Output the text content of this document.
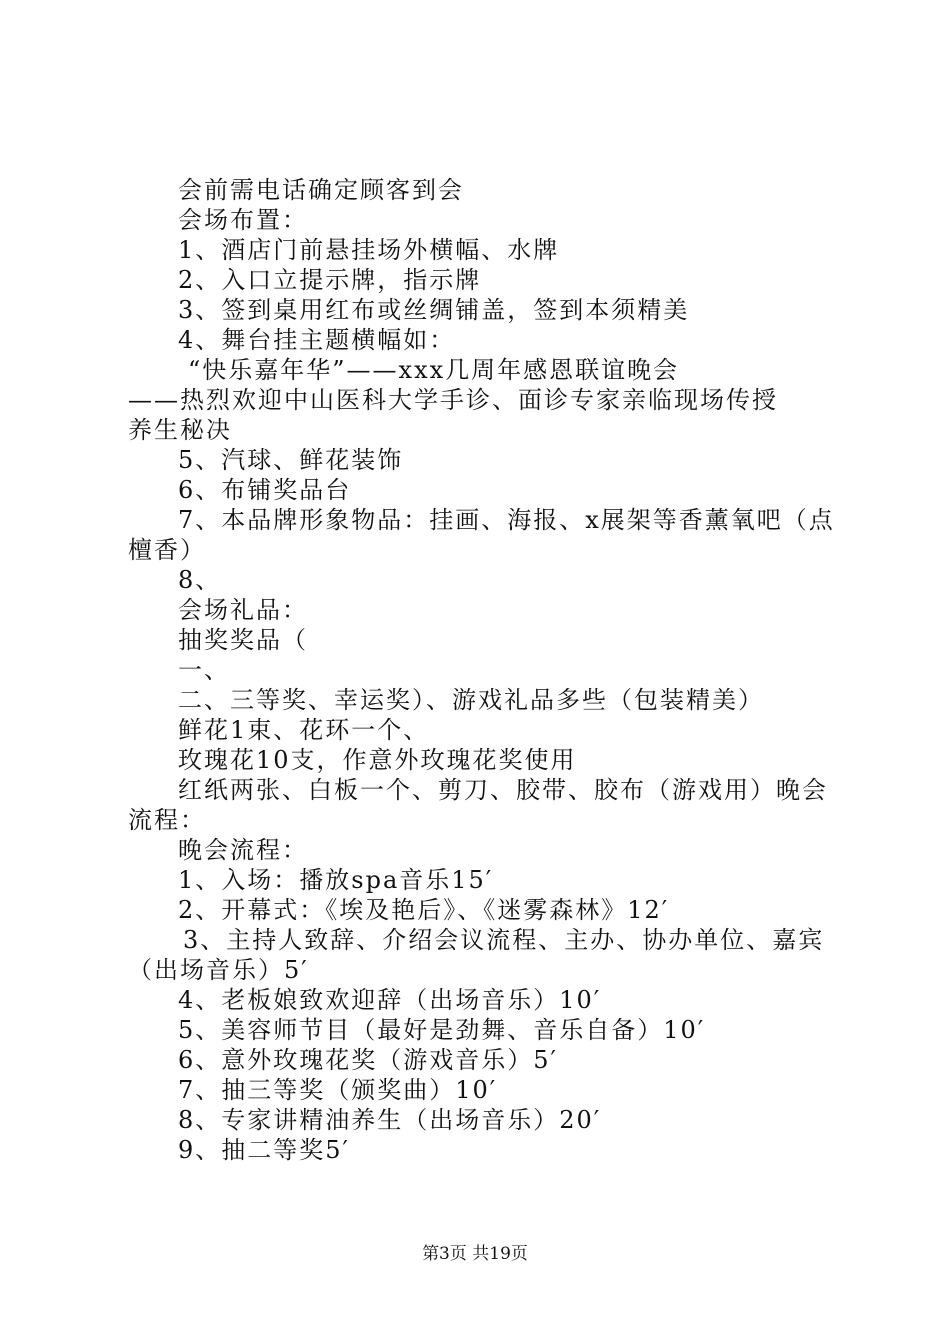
会前需电话确定顾客到会
会场布置：
1、酒店门前悬挂场外横幅、水牌
2、入口立提示牌，指示牌
3、签到桌用红布或丝绸铺盖，签到本须精美
4、舞台挂主题横幅如：
“快乐嘉年华”——xxx几周年感恩联谊晚会
——热烈欢迎中山医科大学手诊、面诊专家亲临现场传授
养生秘决
5、汽球、鲜花装饰
6、布铺奖品台
7、本品牌形象物品：挂画、海报、x展架等香薰氧吧（点
檀香）
8、
会场礼品：
抽奖奖品（
一、
二、三等奖、幸运奖）、游戏礼品多些（包装精美）
鲜花1束、花环一个、
玫瑰花10支，作意外玫瑰花奖使用
红纸两张、白板一个、剪刀、胶带、胶布（游戏用）晚会
流程：
晚会流程：
1、入场：播放spa音乐15′
2、开幕式：《埃及艳后》、《迷雾森林》12′
3、主持人致辞、介绍会议流程、主办、协办单位、嘉宾
（出场音乐）5′
4、老板娘致欢迎辞（出场音乐）10′
5、美容师节目（最好是劲舞、音乐自备）10′
6、意外玫瑰花奖（游戏音乐）5′
7、抽三等奖（颁奖曲）10′
8、专家讲精油养生（出场音乐）20′
9、抽二等奖5′
第3页 共19页
